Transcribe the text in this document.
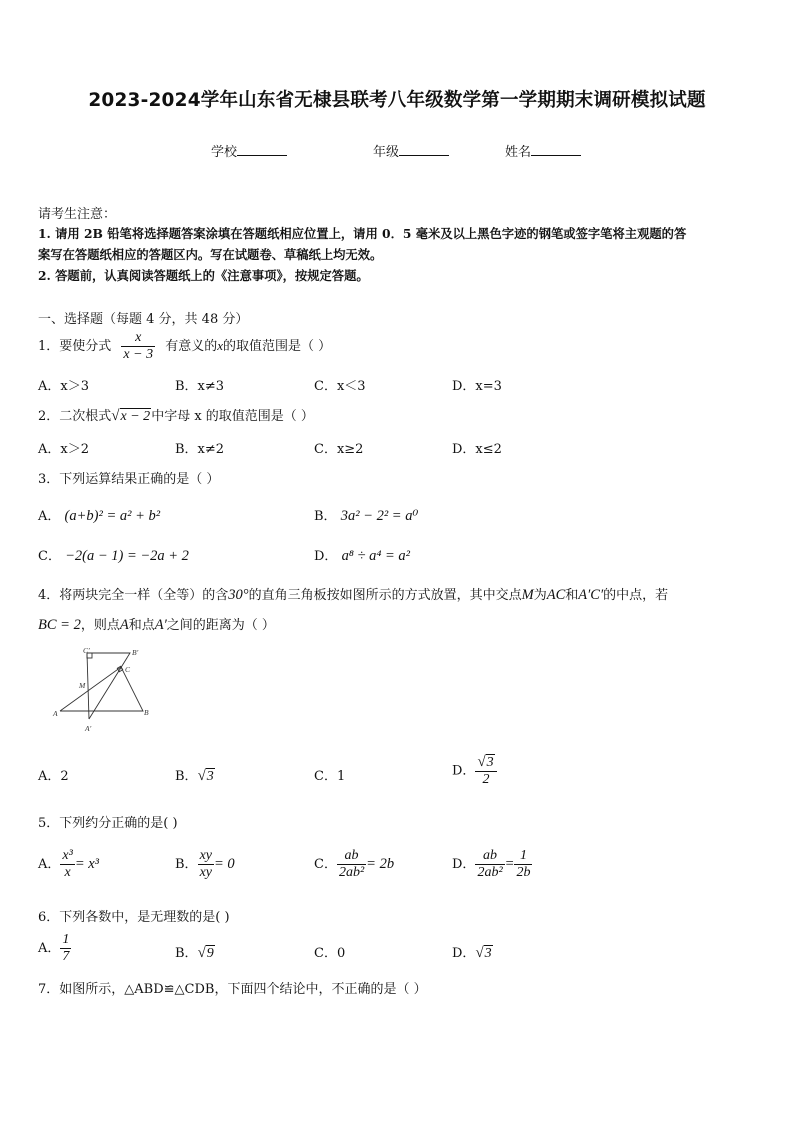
2023-2024学年山东省无棣县联考八年级数学第一学期期末调研模拟试题
学校	年级	姓名
请考生注意：
1. 请用 2B 铅笔将选择题答案涂填在答题纸相应位置上，请用 0．5 毫米及以上黑色字迹的钢笔或签字笔将主观题的答
案写在答题纸相应的答题区内。写在试题卷、草稿纸上均无效。
2. 答题前，认真阅读答题纸上的《注意事项》，按规定答题。
一、选择题（每题 4 分，共 48 分）
1．要使分式 $\frac{x}{x - 3}$ 有意义的x的取值范围是（ ）
A．x＞3	B．x≠3	C．x＜3	D．x=3
2．二次根式√x − 2中字母 x 的取值范围是（ ）
A．x＞2	B．x≠2	C．x≥2	D．x≤2
3．下列运算结果正确的是（ ）
A． (a+b)² = a² + b²	B． 3a² − 2² = a⁰
C． −2(a − 1) = −2a + 2	D． a⁸ ÷ a⁴ = a²
4．将两块完全一样（全等）的含30°的直角三角板按如图所示的方式放置，其中交点M为AC和A′C′的中点，若
BC = 2，则点A和点A′之间的距离为（ ）
C′	B′
C
M
A	B
A′
A．2	B．√3	C．1	D． $\frac{√3}{2}$
5．下列约分正确的是( )
A． $\frac{\text{x³}}{x} = x^3$	B． $\frac{xy}{xy} = 0$	C． $\frac{ab}{\text{2ab²}} = 2b$	D． $\frac{ab}{\text{2ab²}} = \frac{1}{2b}$
6．下列各数中，是无理数的是( )
A． $\frac{1}{7}$	B．√9	C．0	D．√3
7．如图所示，△ABD≌△CDB，下面四个结论中，不正确的是（ ）
